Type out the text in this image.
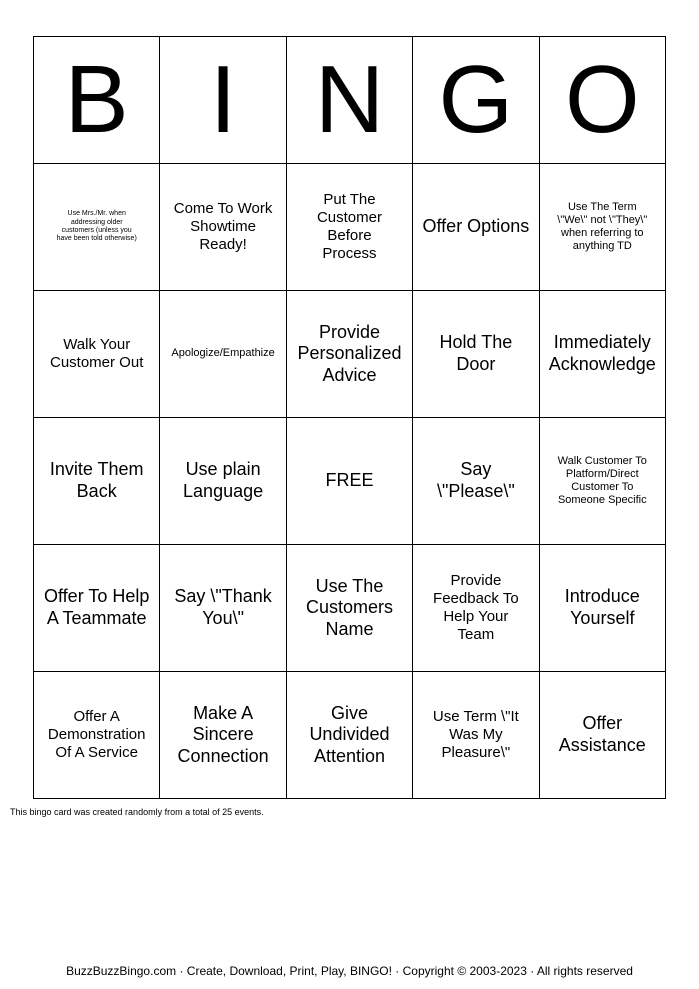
B	I	N	G	O
Use Mrs./Mr. when addressing older customers (unless you have been told otherwise)	Come To Work Showtime Ready!	Put The Customer Before Process	Offer Options	Use The Term \"We\" not \"They\" when referring to anything TD
Walk Your Customer Out	Apologize/Empathize	Provide Personalized Advice	Hold The Door	Immediately Acknowledge
Invite Them Back	Use plain Language	FREE	Say \"Please\"	Walk Customer To Platform/Direct Customer To Someone Specific
Offer To Help A Teammate	Say \"Thank You\"	Use The Customers Name	Provide Feedback To Help Your Team	Introduce Yourself
Offer A Demonstration Of A Service	Make A Sincere Connection	Give Undivided Attention	Use Term \"It Was My Pleasure\"	Offer Assistance
This bingo card was created randomly from a total of 25 events.
BuzzBuzzBingo.com · Create, Download, Print, Play, BINGO! · Copyright © 2003-2023 · All rights reserved
